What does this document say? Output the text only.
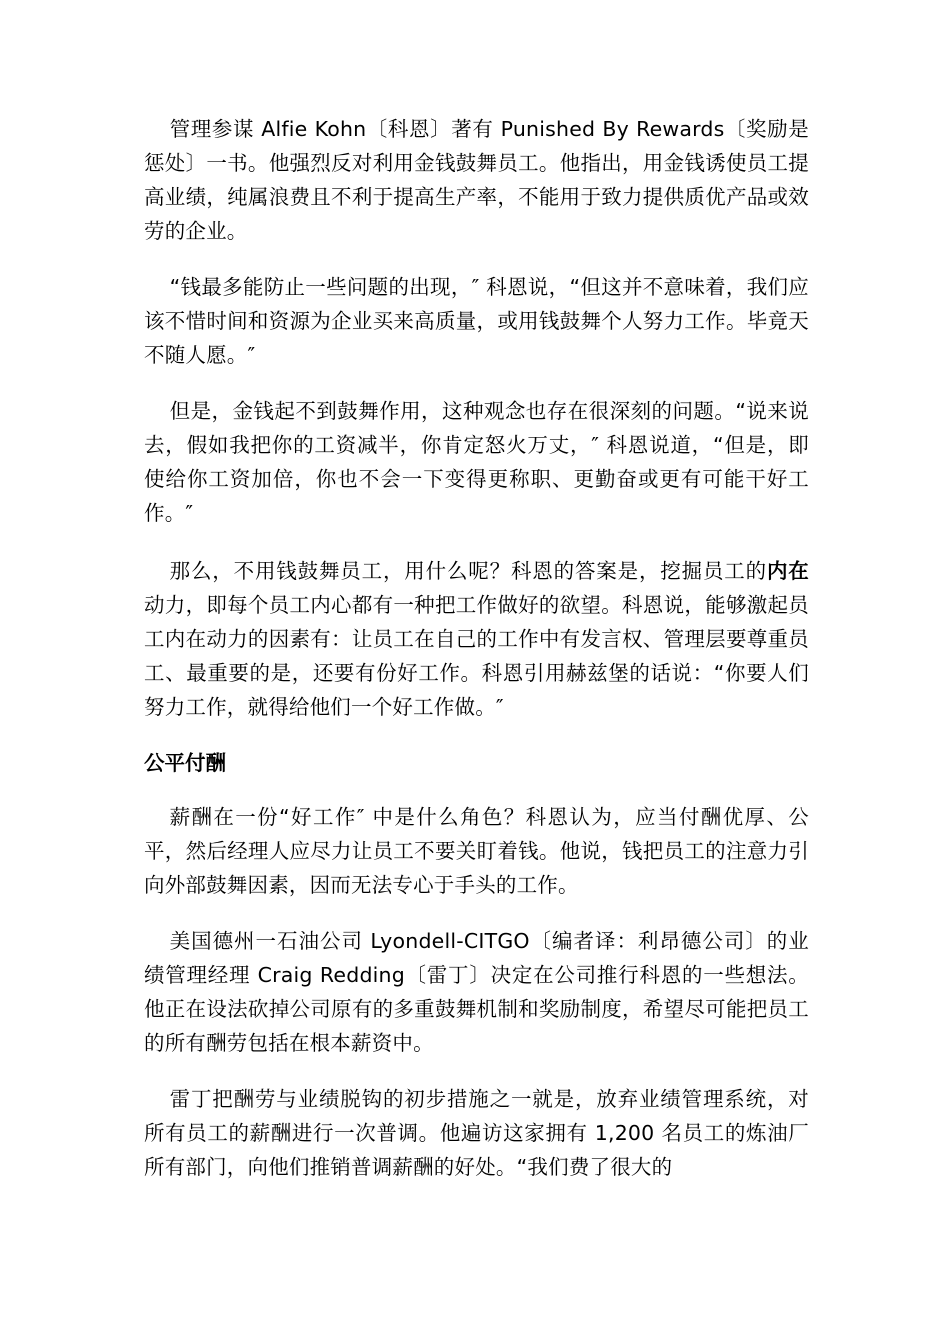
管理参谋 Alfie Kohn〔科恩〕著有 Punished By Rewards〔奖励是惩处〕一书。他强烈反对利用金钱鼓舞员工。他指出，用金钱诱使员工提高业绩，纯属浪费且不利于提高生产率，不能用于致力提供质优产品或效劳的企业。

“钱最多能防止一些问题的出现，″ 科恩说，“但这并不意味着，我们应该不惜时间和资源为企业买来高质量，或用钱鼓舞个人努力工作。毕竟天不随人愿。″

但是，金钱起不到鼓舞作用，这种观念也存在很深刻的问题。“说来说去，假如我把你的工资减半，你肯定怒火万丈，″ 科恩说道，“但是，即使给你工资加倍，你也不会一下变得更称职、更勤奋或更有可能干好工作。″

那么，不用钱鼓舞员工，用什么呢？科恩的答案是，挖掘员工的内在动力，即每个员工内心都有一种把工作做好的欲望。科恩说，能够激起员工内在动力的因素有：让员工在自己的工作中有发言权、管理层要尊重员工、最重要的是，还要有份好工作。科恩引用赫兹堡的话说：“你要人们努力工作，就得给他们一个好工作做。″

公平付酬

薪酬在一份“好工作″ 中是什么角色？科恩认为，应当付酬优厚、公平，然后经理人应尽力让员工不要关盯着钱。他说，钱把员工的注意力引向外部鼓舞因素，因而无法专心于手头的工作。

美国德州一石油公司 Lyondell-CITGO〔编者译：利昂德公司〕的业绩管理经理 Craig Redding〔雷丁〕决定在公司推行科恩的一些想法。他正在设法砍掉公司原有的多重鼓舞机制和奖励制度，希望尽可能把员工的所有酬劳包括在根本薪资中。

雷丁把酬劳与业绩脱钩的初步措施之一就是，放弃业绩管理系统，对所有员工的薪酬进行一次普调。他遍访这家拥有 1,200 名员工的炼油厂所有部门，向他们推销普调薪酬的好处。“我们费了很大的
